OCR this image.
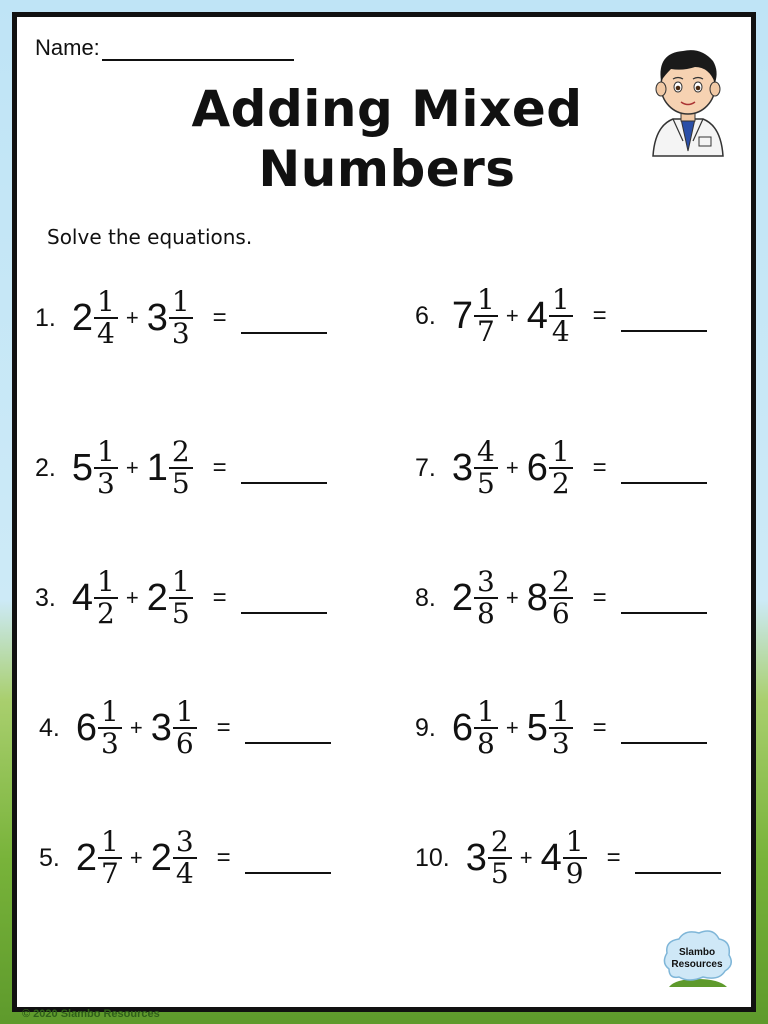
Name:
Adding Mixed
Numbers
Solve the equations.
1. $2 \frac{1}{4} + 3 \frac{1}{3}$ =
2. $5 \frac{1}{3} + 1 \frac{2}{5}$ =
3. $4 \frac{1}{2} + 2 \frac{1}{5}$ =
4. $6 \frac{1}{3} + 3 \frac{1}{6}$ =
5. $2 \frac{1}{7} + 2 \frac{3}{4}$ =
6. $7 \frac{1}{7} + 4 \frac{1}{4}$ =
7. $3 \frac{4}{5} + 6 \frac{1}{2}$ =
8. $2 \frac{3}{8} + 8 \frac{2}{6}$ =
9. $6 \frac{1}{8} + 5 \frac{1}{3}$ =
10. $3 \frac{2}{5} + 4 \frac{1}{9}$ =
Slambo
Resources
© 2020 Slambo Resources
